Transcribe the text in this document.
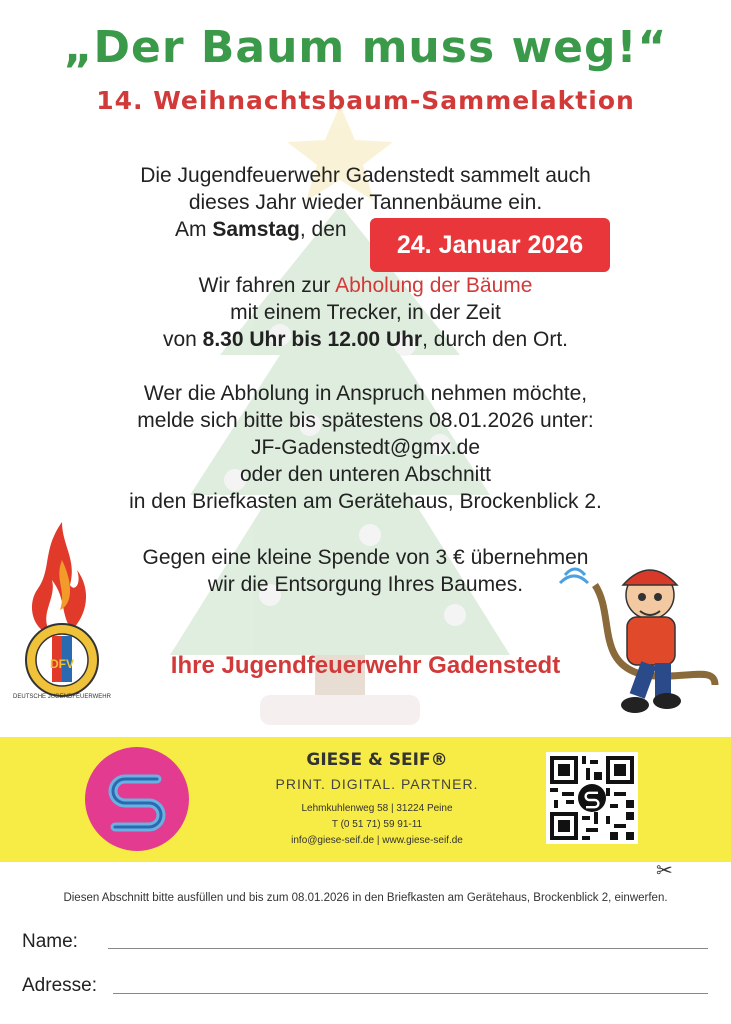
„Der Baum muss weg!“
14. Weihnachtsbaum-Sammelaktion
Die Jugendfeuerwehr Gadenstedt sammelt auch
dieses Jahr wieder Tannenbäume ein.
Am Samstag, den
24. Januar 2026
Wir fahren zur Abholung der Bäume
mit einem Trecker, in der Zeit
von 8.30 Uhr bis 12.00 Uhr, durch den Ort.
Wer die Abholung in Anspruch nehmen möchte,
melde sich bitte bis spätestens 08.01.2026 unter:
JF-Gadenstedt@gmx.de
oder den unteren Abschnitt
in den Briefkasten am Gerätehaus, Brockenblick 2.
Gegen eine kleine Spende von 3 € übernehmen
wir die Entsorgung Ihres Baumes.
Ihre Jugendfeuerwehr Gadenstedt
DFV
DEUTSCHE JUGENDFEUERWEHR
GIESE & SEIF®
PRINT. DIGITAL. PARTNER.
Lehmkuhlenweg 58 | 31224 Peine
T (0 51 71) 59 91-11
info@giese-seif.de | www.giese-seif.de
✂
Diesen Abschnitt bitte ausfüllen und bis zum 08.01.2026 in den Briefkasten am Gerätehaus, Brockenblick 2, einwerfen.
Name:
Adresse:
